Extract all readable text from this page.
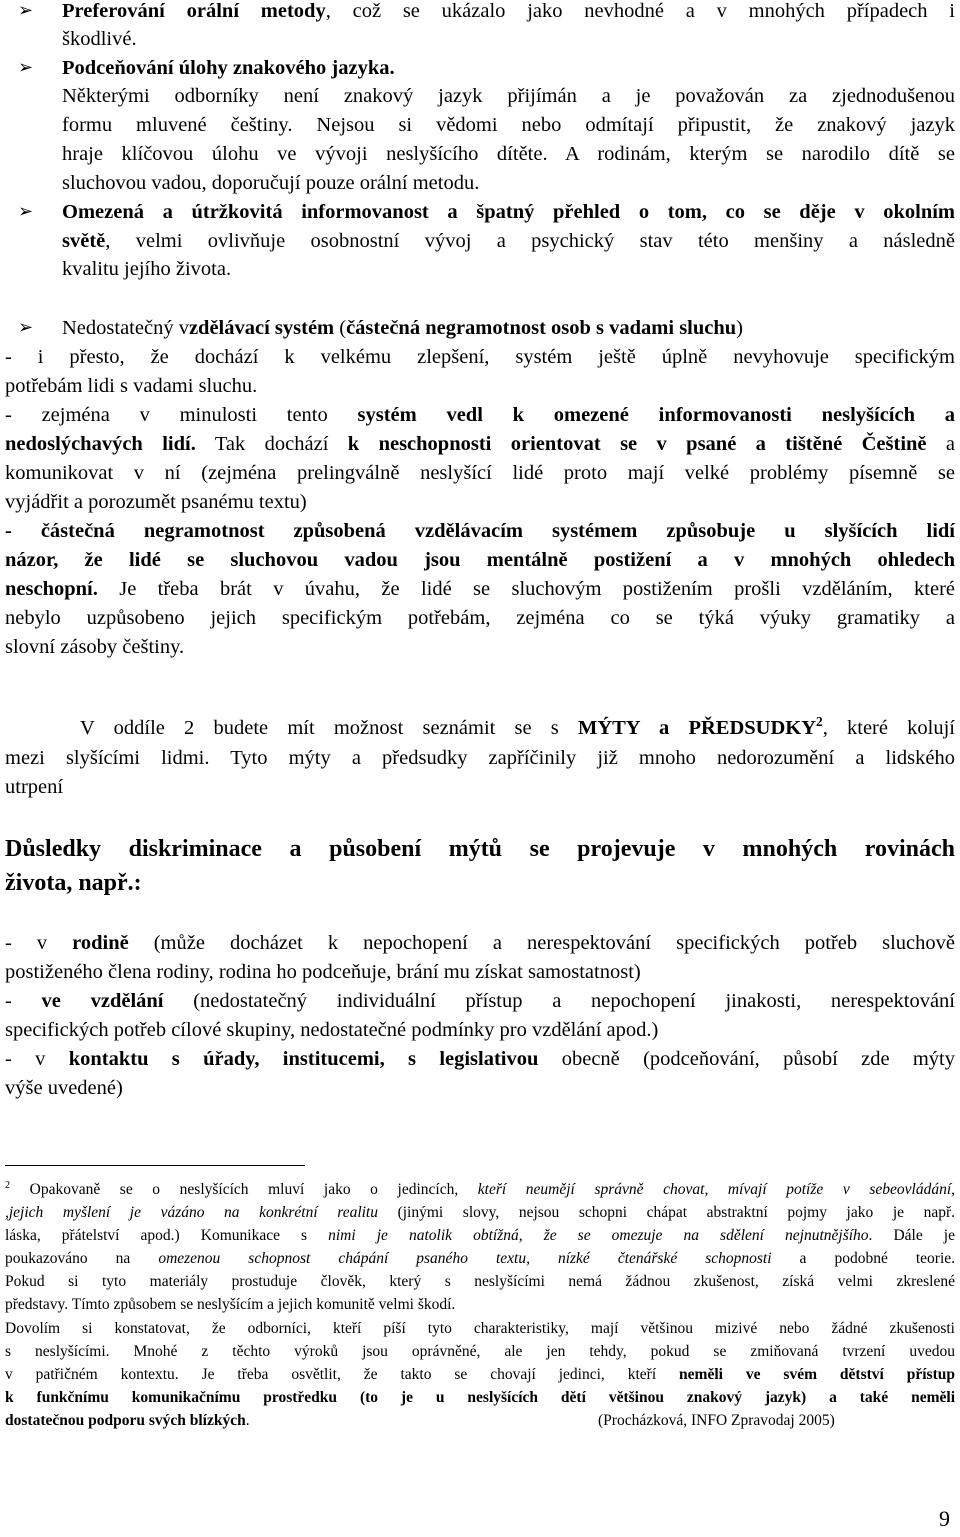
➢ Preferování orální metody, což se ukázalo jako nevhodné a v mnohých případech i
škodlivé.
➢ Podceňování úlohy znakového jazyka.
Některými odborníky není znakový jazyk přijímán a je považován za zjednodušenou
formu mluvené češtiny. Nejsou si vědomi nebo odmítají připustit, že znakový jazyk
hraje klíčovou úlohu ve vývoji neslyšícího dítěte. A rodinám, kterým se narodilo dítě se
sluchovou vadou, doporučují pouze orální metodu.
➢ Omezená a útržkovitá informovanost a špatný přehled o tom, co se děje v okolním
světě, velmi ovlivňuje osobnostní vývoj a psychický stav této menšiny a následně
kvalitu jejího života.
➢ Nedostatečný vzdělávací systém (částečná negramotnost osob s vadami sluchu)
- i přesto, že dochází k velkému zlepšení, systém ještě úplně nevyhovuje specifickým
potřebám lidi s vadami sluchu.
- zejména v minulosti tento systém vedl k omezené informovanosti neslyšících a
nedoslýchavých lidí. Tak dochází k neschopnosti orientovat se v psané a tištěné Češtině a
komunikovat v ní (zejména prelingválně neslyšící lidé proto mají velké problémy písemně se
vyjádřit a porozumět psanému textu)
- částečná negramotnost způsobená vzdělávacím systémem způsobuje u slyšících lidí
názor, že lidé se sluchovou vadou jsou mentálně postižení a v mnohých ohledech
neschopní. Je třeba brát v úvahu, že lidé se sluchovým postižením prošli vzděláním, které
nebylo uzpůsobeno jejich specifickým potřebám, zejména co se týká výuky gramatiky a
slovní zásoby češtiny.
V oddíle 2 budete mít možnost seznámit se s MÝTY a PŘEDSUDKY$^2$, které kolují
mezi slyšícími lidmi. Tyto mýty a předsudky zapříčinily již mnoho nedorozumění a lidského
utrpení
Důsledky diskriminace a působení mýtů se projevuje v mnohých rovinách
života, např.:
- v rodině (může docházet k nepochopení a nerespektování specifických potřeb sluchově
postiženého člena rodiny, rodina ho podceňuje, brání mu získat samostatnost)
- ve vzdělání (nedostatečný individuální přístup a nepochopení jinakosti, nerespektování
specifických potřeb cílové skupiny, nedostatečné podmínky pro vzdělání apod.)
- v kontaktu s úřady, institucemi, s legislativou obecně (podceňování, působí zde mýty
výše uvedené)
$^2$ Opakovaně se o neslyšících mluví jako o jedincích, kteří neumějí správně chovat, mívají potíže v sebeovládání,
,jejich myšlení je vázáno na konkrétní realitu (jinými slovy, nejsou schopni chápat abstraktní pojmy jako je např.
láska, přátelství apod.) Komunikace s nimi je natolik obtížná, že se omezuje na sdělení nejnutnějšího. Dále je
poukazováno na omezenou schopnost chápání psaného textu, nízké čtenářské schopnosti a podobné teorie.
Pokud si tyto materiály prostuduje člověk, který s neslyšícími nemá žádnou zkušenost, získá velmi zkreslené
představy. Tímto způsobem se neslyšícím a jejich komunitě velmi škodí.
Dovolím si konstatovat, že odborníci, kteří píší tyto charakteristiky, mají většinou mizivé nebo žádné zkušenosti
s neslyšícími. Mnohé z těchto výroků jsou oprávněné, ale jen tehdy, pokud se zmiňovaná tvrzení uvedou
v patřičném kontextu. Je třeba osvětlit, že takto se chovají jedinci, kteří neměli ve svém dětství přístup
k funkčnímu komunikačnímu prostředku (to je u neslyšících dětí většinou znakový jazyk) a také neměli
dostatečnou podporu svých blízkých.	(Procházková, INFO Zpravodaj 2005)
9
